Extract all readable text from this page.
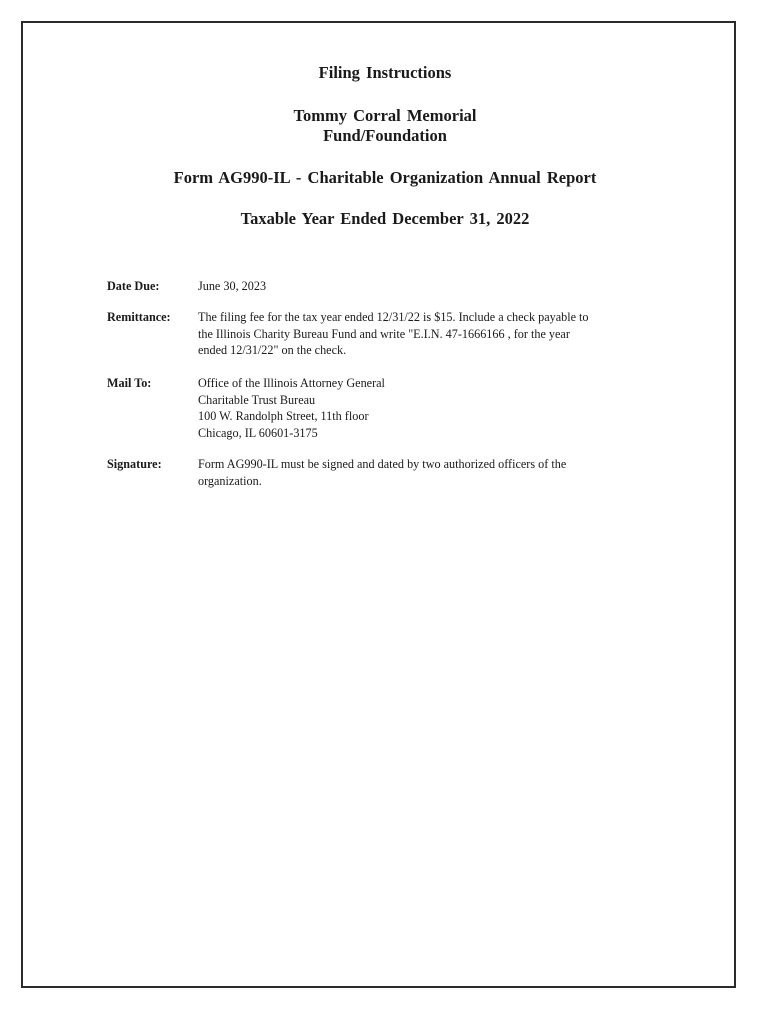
Filing Instructions
Tommy Corral Memorial
Fund/Foundation
Form AG990-IL - Charitable Organization Annual Report
Taxable Year Ended December 31, 2022
Date Due:	June 30, 2023
Remittance:	The filing fee for the tax year ended 12/31/22 is $15. Include a check payable to
the Illinois Charity Bureau Fund and write "E.I.N. 47-1666166 , for the year
ended 12/31/22" on the check.
Mail To:	Office of the Illinois Attorney General
Charitable Trust Bureau
100 W. Randolph Street, 11th floor
Chicago, IL 60601-3175
Signature:	Form AG990-IL must be signed and dated by two authorized officers of the
organization.
